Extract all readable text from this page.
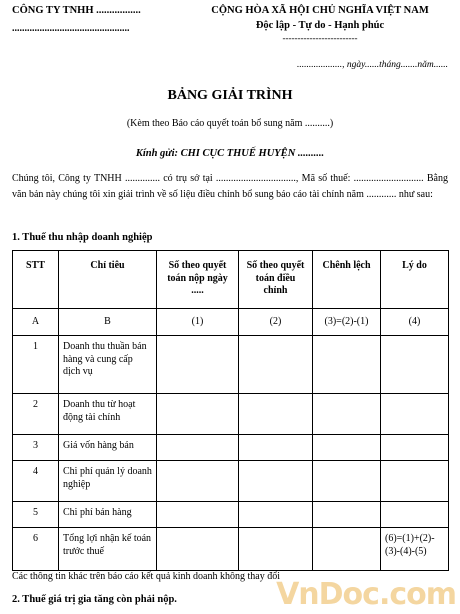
CÔNG TY TNHH .................
...............................................
CỘNG HÒA XÃ HỘI CHỦ NGHĨA VIỆT NAM
Độc lập - Tự do - Hạnh phúc
-------------------------
..................., ngày......tháng.......năm......
BẢNG GIẢI TRÌNH
(Kèm theo Báo cáo quyết toán bổ sung năm ..........)
Kính gửi: CHI CỤC THUẾ HUYỆN ..........
Chúng tôi, Công ty TNHH .............. có trụ sở tại ................................, Mã số thuế: ............................ Bằng văn bản này chúng tôi xin giải trình về số liệu điều chỉnh bổ sung báo cáo tài chính năm ............ như sau:
1. Thuế thu nhập doanh nghiệp
STT	Chỉ tiêu	Số theo quyết toán nộp ngày .....	Số theo quyết toán điều chỉnh	Chênh lệch	Lý do
A	B	(1)	(2)	(3)=(2)-(1)	(4)
1	Doanh thu thuần bán hàng và cung cấp dịch vụ				
2	Doanh thu từ hoạt động tài chính				
3	Giá vốn hàng bán				
4	Chi phí quản lý doanh nghiệp				
5	Chi phí bán hàng				
6	Tổng lợi nhận kế toán trước thuế				(6)=(1)+(2)-(3)-(4)-(5)
Các thông tin khác trên báo cáo kết quả kinh doanh không thay đổi
2. Thuế giá trị gia tăng còn phải nộp.	VnDoc.com
